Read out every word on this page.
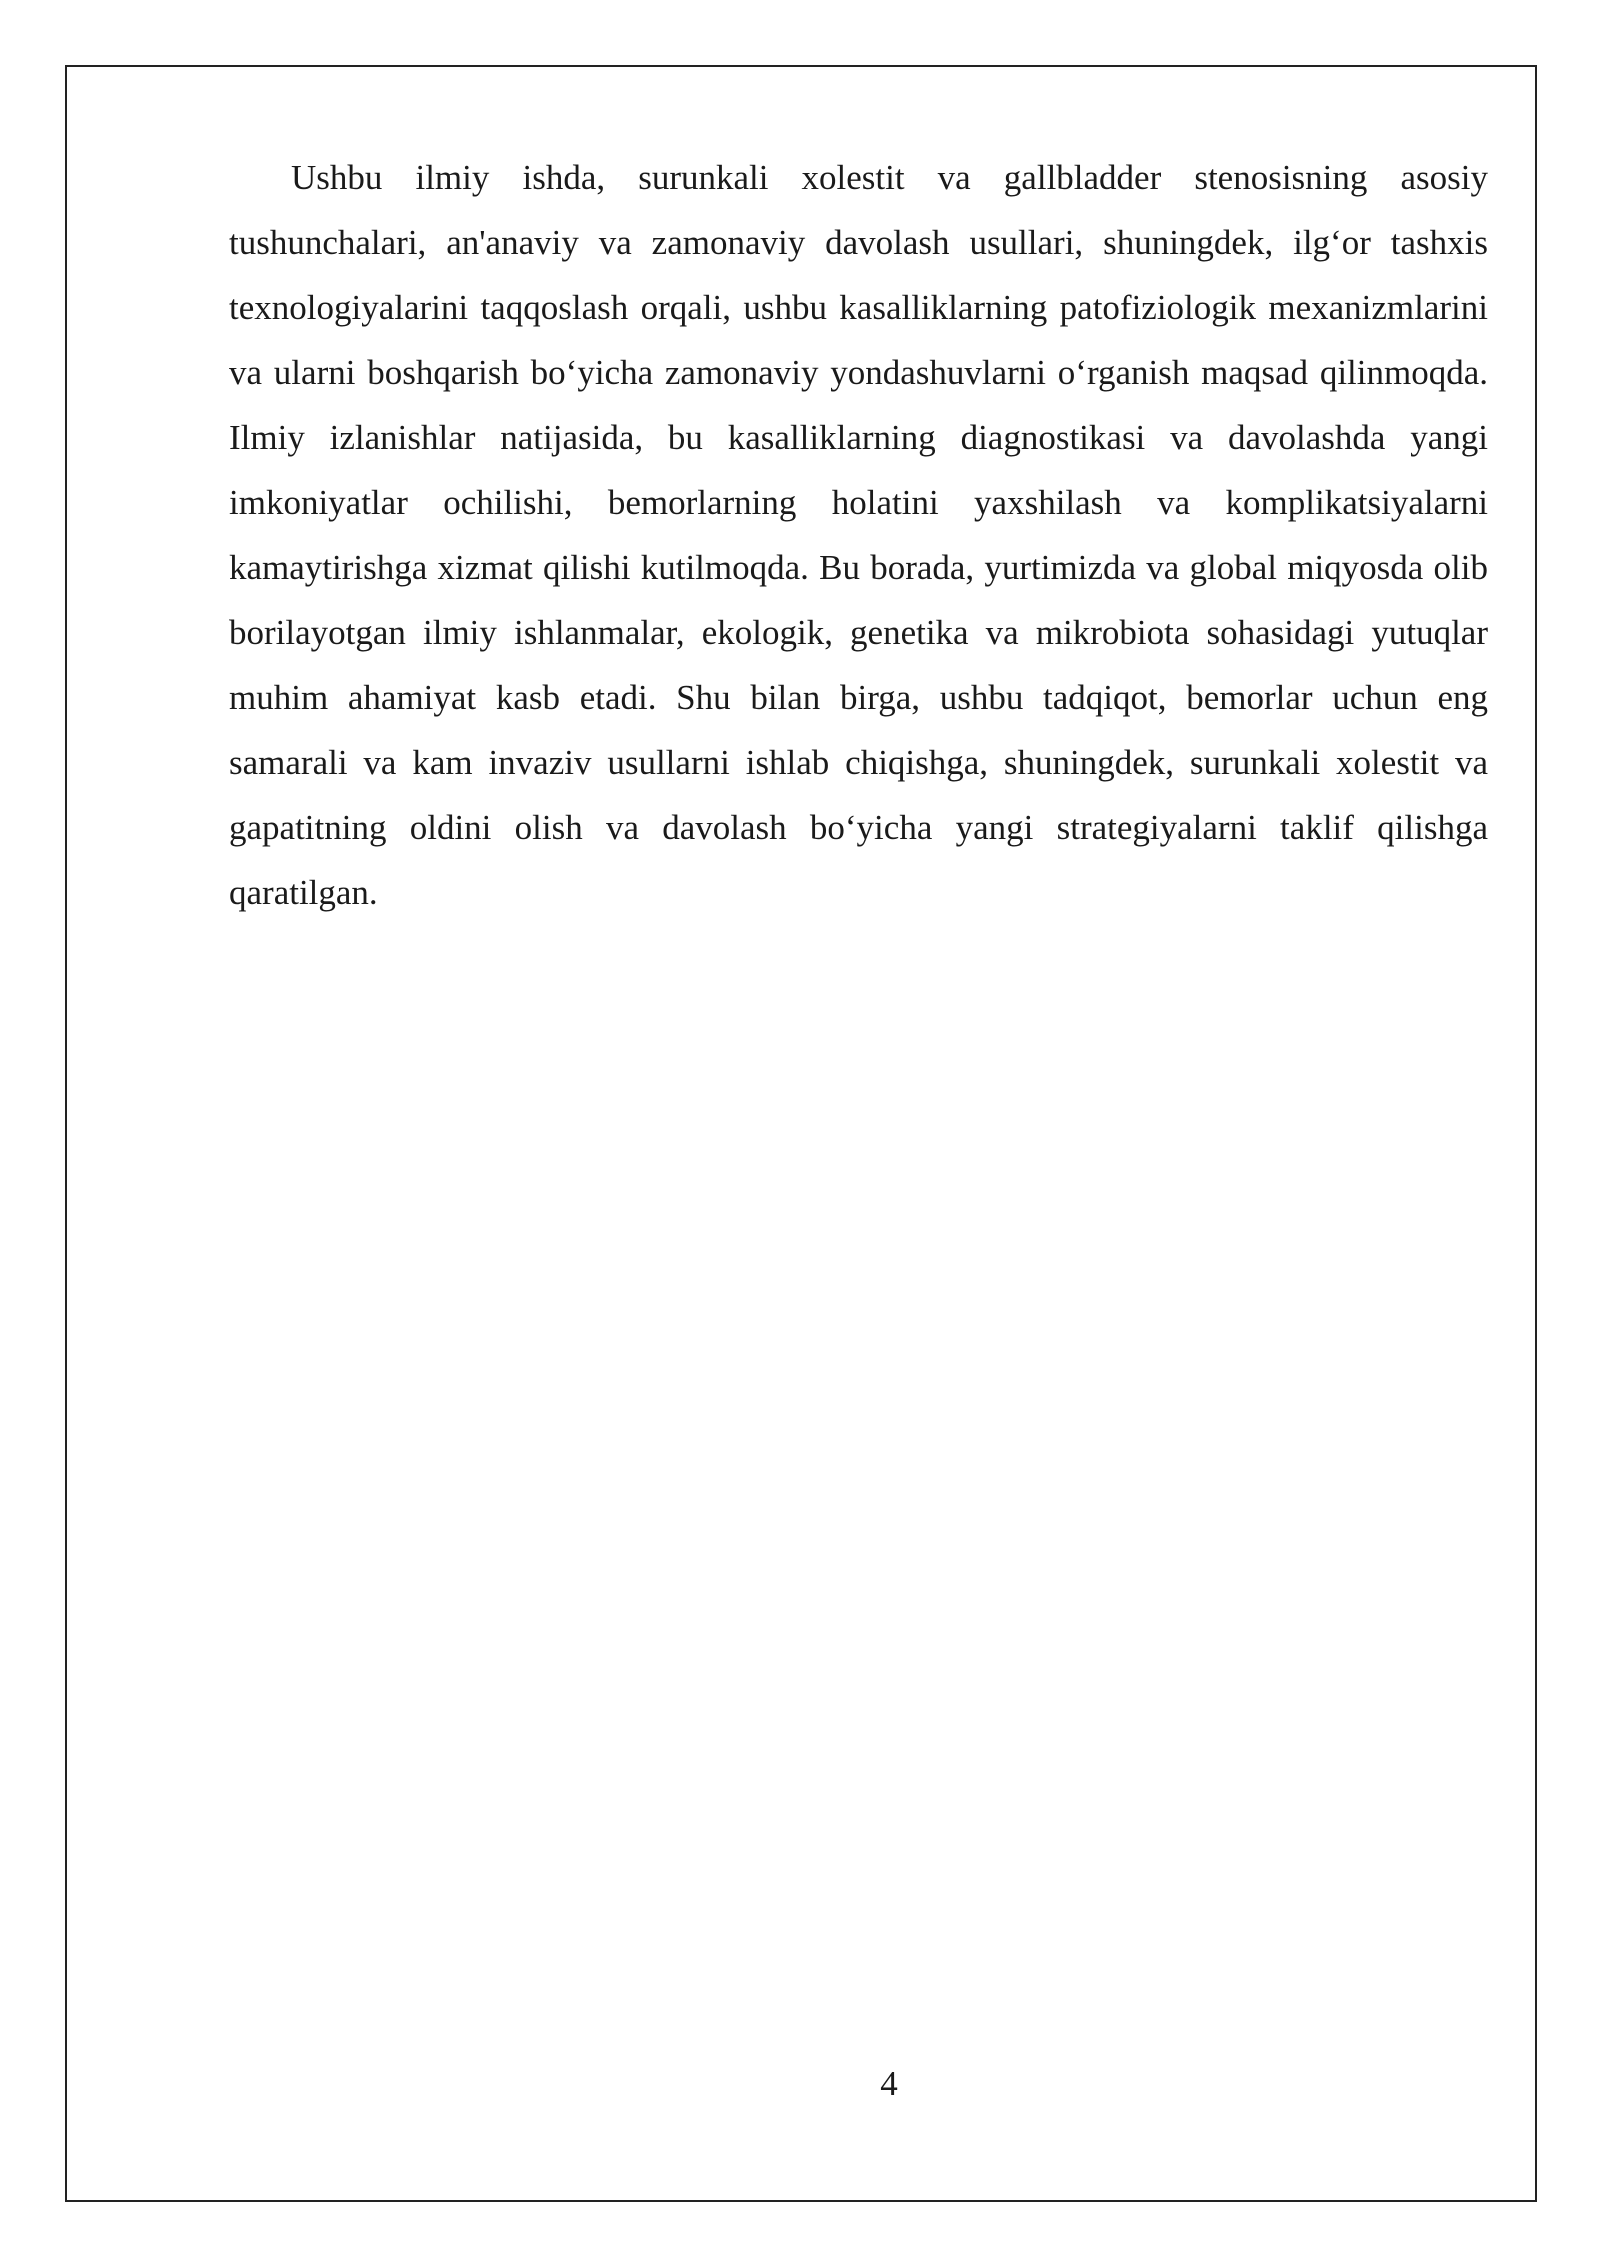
Ushbu ilmiy ishda, surunkali xolestit va gallbladder stenosisning asosiy tushunchalari, an'anaviy va zamonaviy davolash usullari, shuningdek, ilg‘or tashxis texnologiyalarini taqqoslash orqali, ushbu kasalliklarning patofiziologik mexanizmlarini va ularni boshqarish bo‘yicha zamonaviy yondashuvlarni o‘rganish maqsad qilinmoqda. Ilmiy izlanishlar natijasida, bu kasalliklarning diagnostikasi va davolashda yangi imkoniyatlar ochilishi, bemorlarning holatini yaxshilash va komplikatsiyalarni kamaytirishga xizmat qilishi kutilmoqda. Bu borada, yurtimizda va global miqyosda olib borilayotgan ilmiy ishlanmalar, ekologik, genetika va mikrobiota sohasidagi yutuqlar muhim ahamiyat kasb etadi. Shu bilan birga, ushbu tadqiqot, bemorlar uchun eng samarali va kam invaziv usullarni ishlab chiqishga, shuningdek, surunkali xolestit va gapatitning oldini olish va davolash bo‘yicha yangi strategiyalarni taklif qilishga qaratilgan.

4
